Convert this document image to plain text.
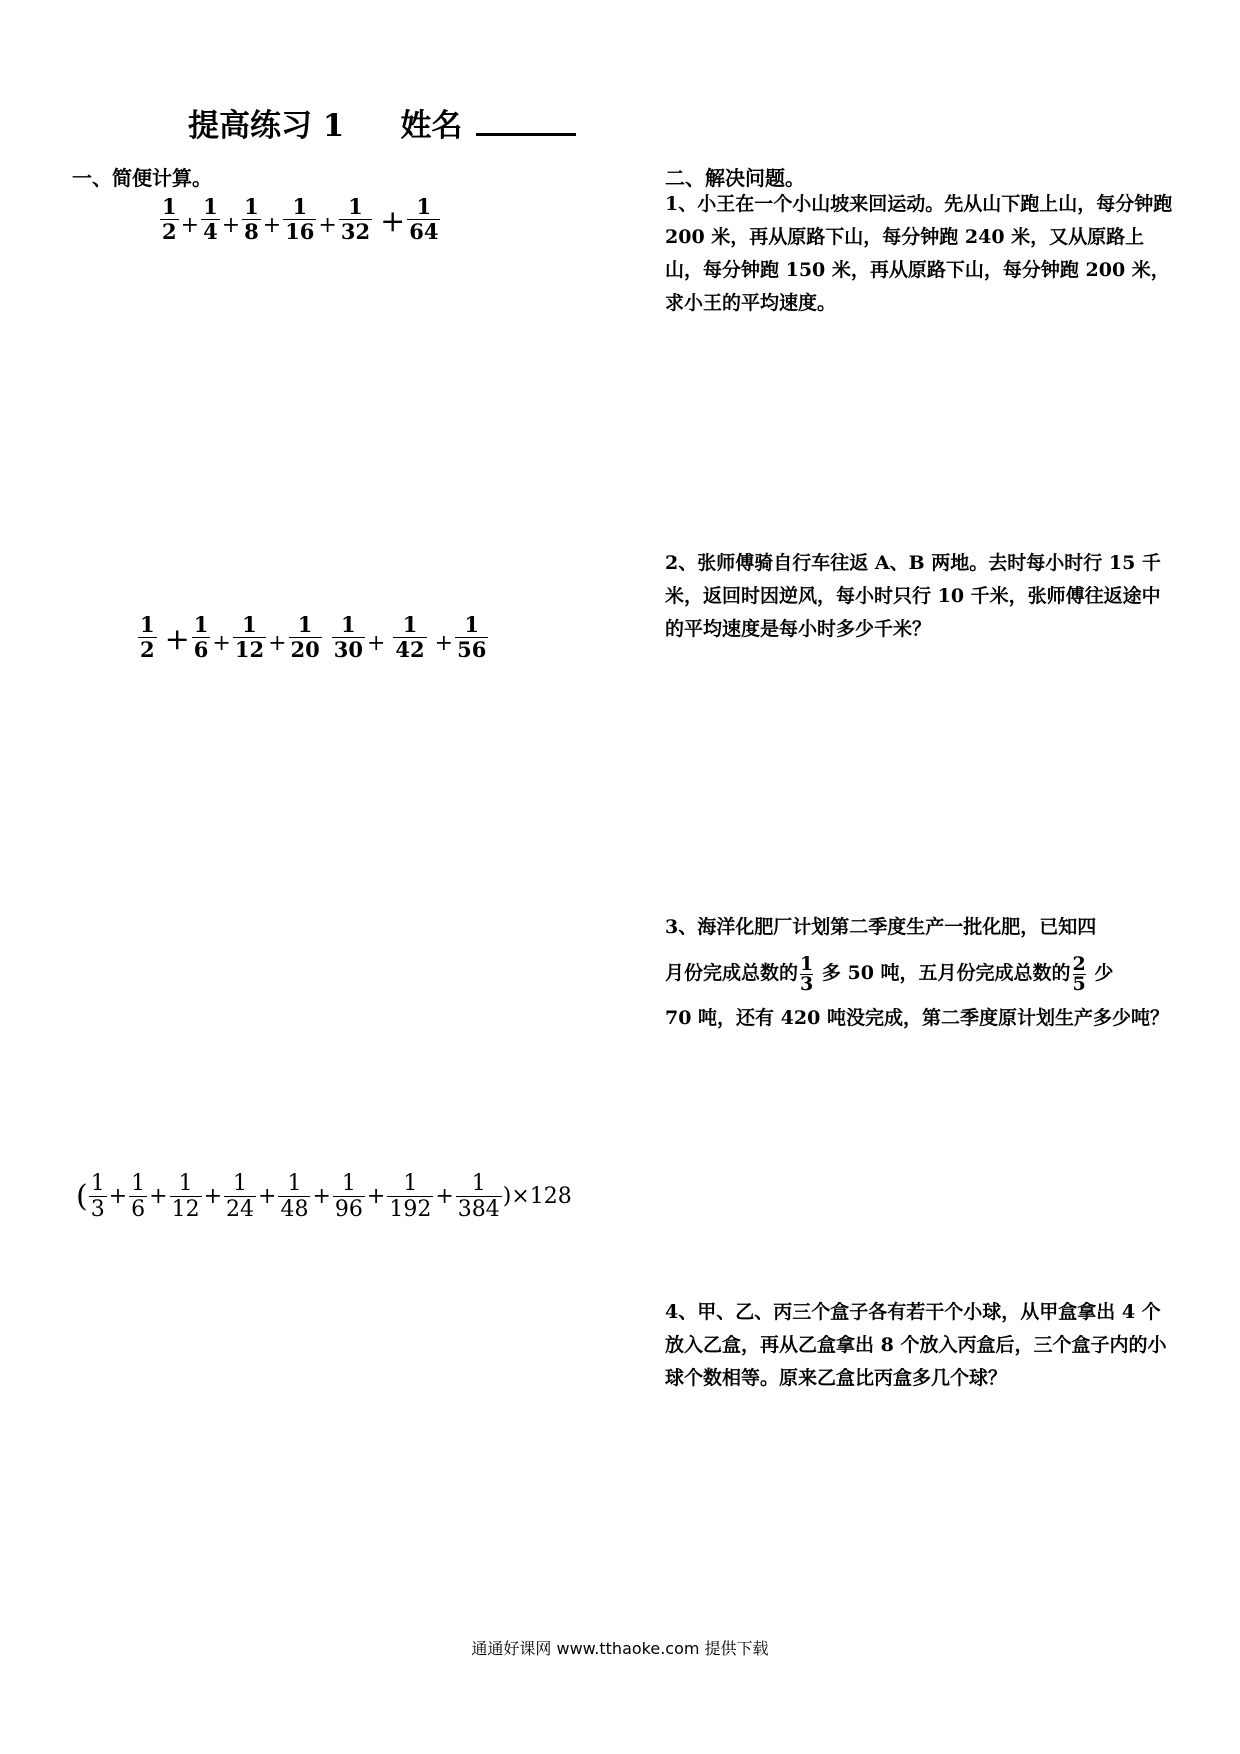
提高练习 1 姓名
一、简便计算。
$\frac{1}{2} + \frac{1}{4} + \frac{1}{8} + \frac{1}{16} + \frac{1}{32} + \frac{1}{64}$
$\frac{1}{2} + \frac{1}{6} + \frac{1}{12} + \frac{1}{20} \frac{1}{30} + \frac{1}{42} + \frac{1}{56}$
( $\frac{1}{3} + \frac{1}{6} + \frac{1}{12} + \frac{1}{24} + \frac{1}{48} + \frac{1}{96} + \frac{1}{192} + \frac{1}{384} )\times 128$
二、解决问题。

1、小王在一个小山坡来回运动。先从山下跑上山，每分钟跑 200 米，再从原路下山，每分钟跑 240 米，又从原路上山，每分钟跑 150 米，再从原路下山，每分钟跑 200 米，求小王的平均速度。

2、张师傅骑自行车往返 A、B 两地。去时每小时行 15 千米，返回时因逆风，每小时只行 10 千米，张师傅往返途中的平均速度是每小时多少千米？

3、海洋化肥厂计划第二季度生产一批化肥，已知四

月份完成总数的 $\frac{1}{3}$ 多 50 吨，五月份完成总数的 $\frac{2}{5}$ 少

70 吨，还有 420 吨没完成，第二季度原计划生产多少吨？

4、甲、乙、丙三个盒子各有若干个小球，从甲盒拿出 4 个放入乙盒，再从乙盒拿出 8 个放入丙盒后，三个盒子内的小球个数相等。原来乙盒比丙盒多几个球？

通通好课网 www.tthaoke.com 提供下载
